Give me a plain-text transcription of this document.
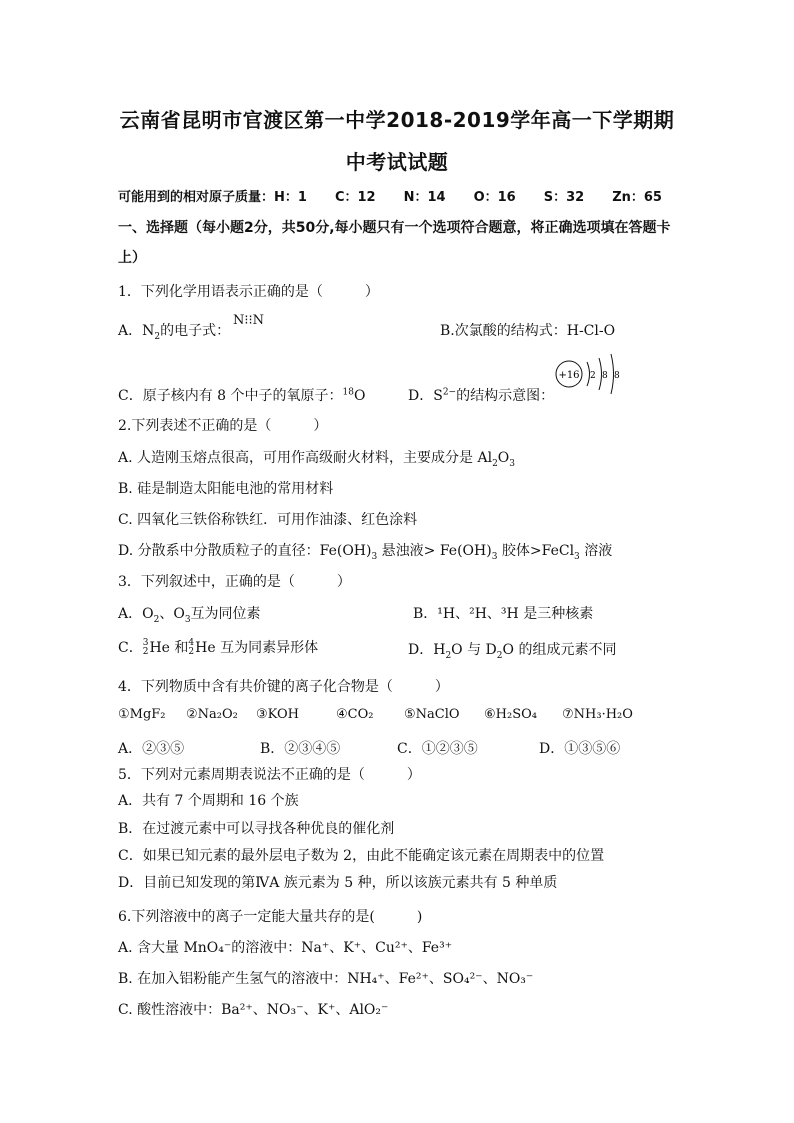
云南省昆明市官渡区第一中学2018-2019学年高一下学期期
中考试试题
可能用到的相对原子质量：H：1 C：12 N：14 O：16 S：32 Zn：65
一、选择题（每小题2分，共50分,每小题只有一个选项符合题意，将正确选项填在答题卡
上）
1．下列化学用语表示正确的是（　　　）
A．$N_2$的电子式：
N⁝⁝N
B.次氯酸的结构式：H-Cl-O
C．原子核内有 8 个中子的氧原子：$^{18}$O	D．$S^{2-}$的结构示意图：
+16 2 8 8
2.下列表述不正确的是（　　　）
A. 人造刚玉熔点很高，可用作高级耐火材料，主要成分是 $Al_2O_3$
B. 硅是制造太阳能电池的常用材料
C. 四氧化三铁俗称铁红．可用作油漆、红色涂料
D. 分散系中分散质粒子的直径：$Fe(OH)_3$ 悬浊液> $Fe(OH)_3$ 胶体>FeCl$_3$ 溶液
3．下列叙述中，正确的是（　　　）
A．$O_2$、$O_3$互为同位素	B．¹H、²H、³H 是三种核素
C． 3
2 He 和 4
2 He 互为同素异形体	D．$H_2O$ 与 $D_2O$ 的组成元素不同
4．下列物质中含有共价键的离子化合物是（　　　）
①MgF₂ ②Na₂O₂ ③KOH	④CO₂ ⑤NaClO ⑥H₂SO₄ ⑦NH₃·H₂O
A．②③⑤	B．②③④⑤	C．①②③⑤	D．①③⑤⑥
5．下列对元素周期表说法不正确的是（　　　）
A．共有 7 个周期和 16 个族
B．在过渡元素中可以寻找各种优良的催化剂
C．如果已知元素的最外层电子数为 2，由此不能确定该元素在周期表中的位置
D．目前已知发现的第ⅣA 族元素为 5 种，所以该族元素共有 5 种单质
6.下列溶液中的离子一定能大量共存的是(　　　)
A. 含大量 MnO₄⁻的溶液中：Na⁺、K⁺、Cu²⁺、Fe³⁺
B. 在加入铝粉能产生氢气的溶液中：NH₄⁺、Fe²⁺、SO₄²⁻、NO₃⁻
C. 酸性溶液中：Ba²⁺、NO₃⁻、K⁺、AlO₂⁻
